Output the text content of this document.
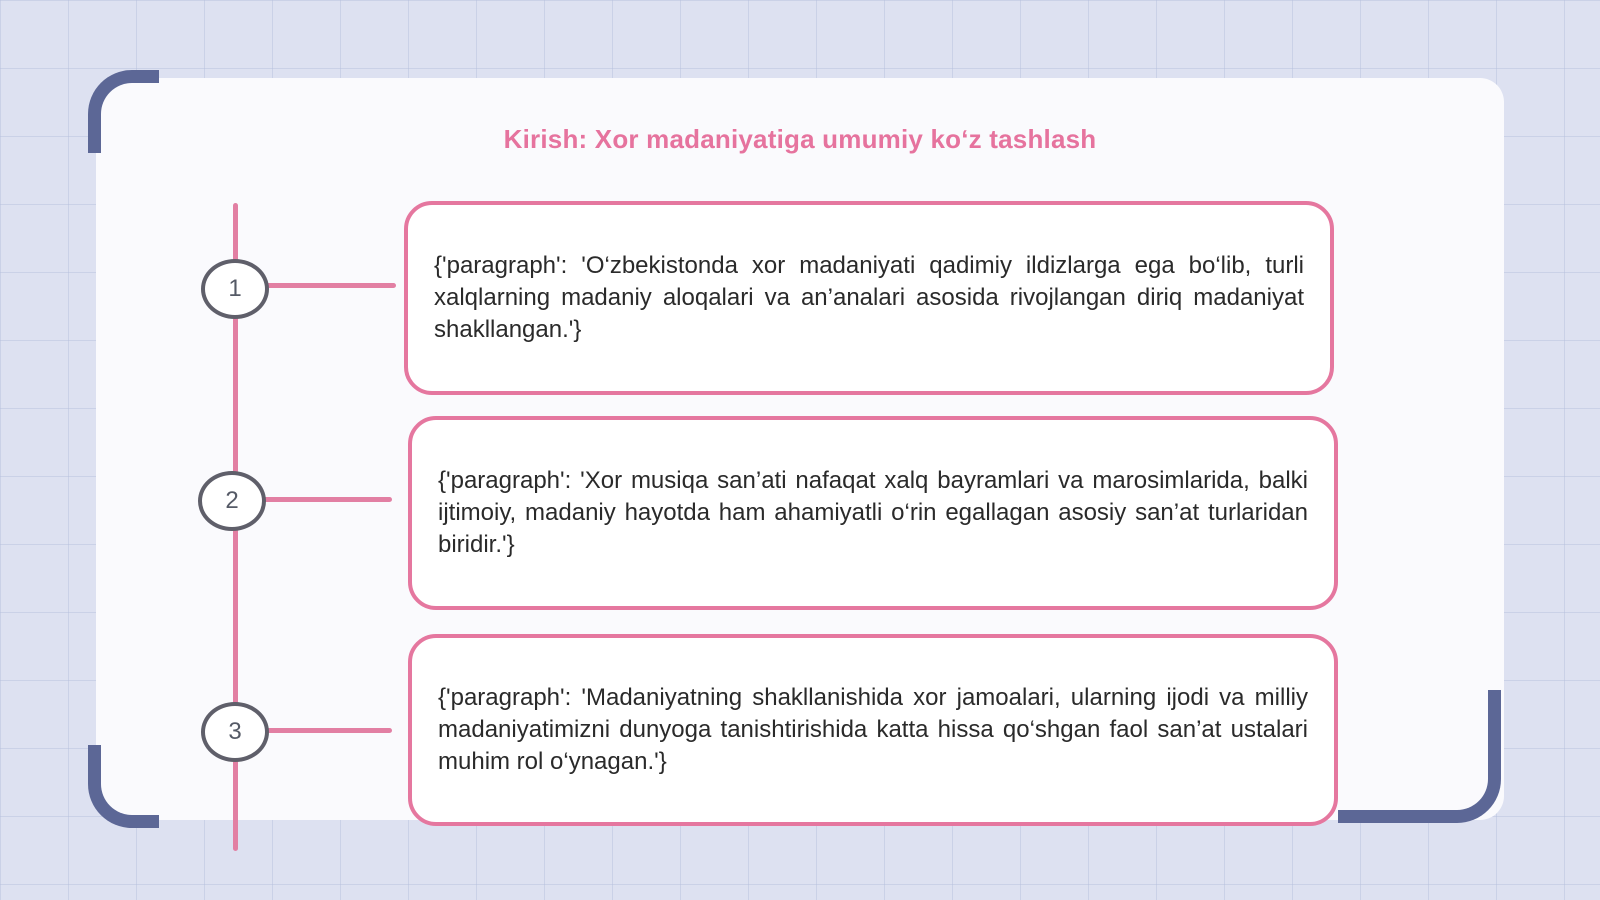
Kirish: Xor madaniyatiga umumiy koʻz tashlash
1
2
3

{'paragraph': 'O‘zbekistonda xor madaniyati qadimiy ildizlarga ega bo‘lib, turli xalqlarning madaniy aloqalari va an’analari asosida rivojlangan diriq madaniyat shakllangan.'}

{'paragraph': 'Xor musiqa san’ati nafaqat xalq bayramlari va marosimlarida, balki ijtimoiy, madaniy hayotda ham ahamiyatli o‘rin egallagan asosiy san’at turlaridan biridir.'}

{'paragraph': 'Madaniyatning shakllanishida xor jamoalari, ularning ijodi va milliy madaniyatimizni dunyoga tanishtirishida katta hissa qo‘shgan faol san’at ustalari muhim rol o‘ynagan.'}
